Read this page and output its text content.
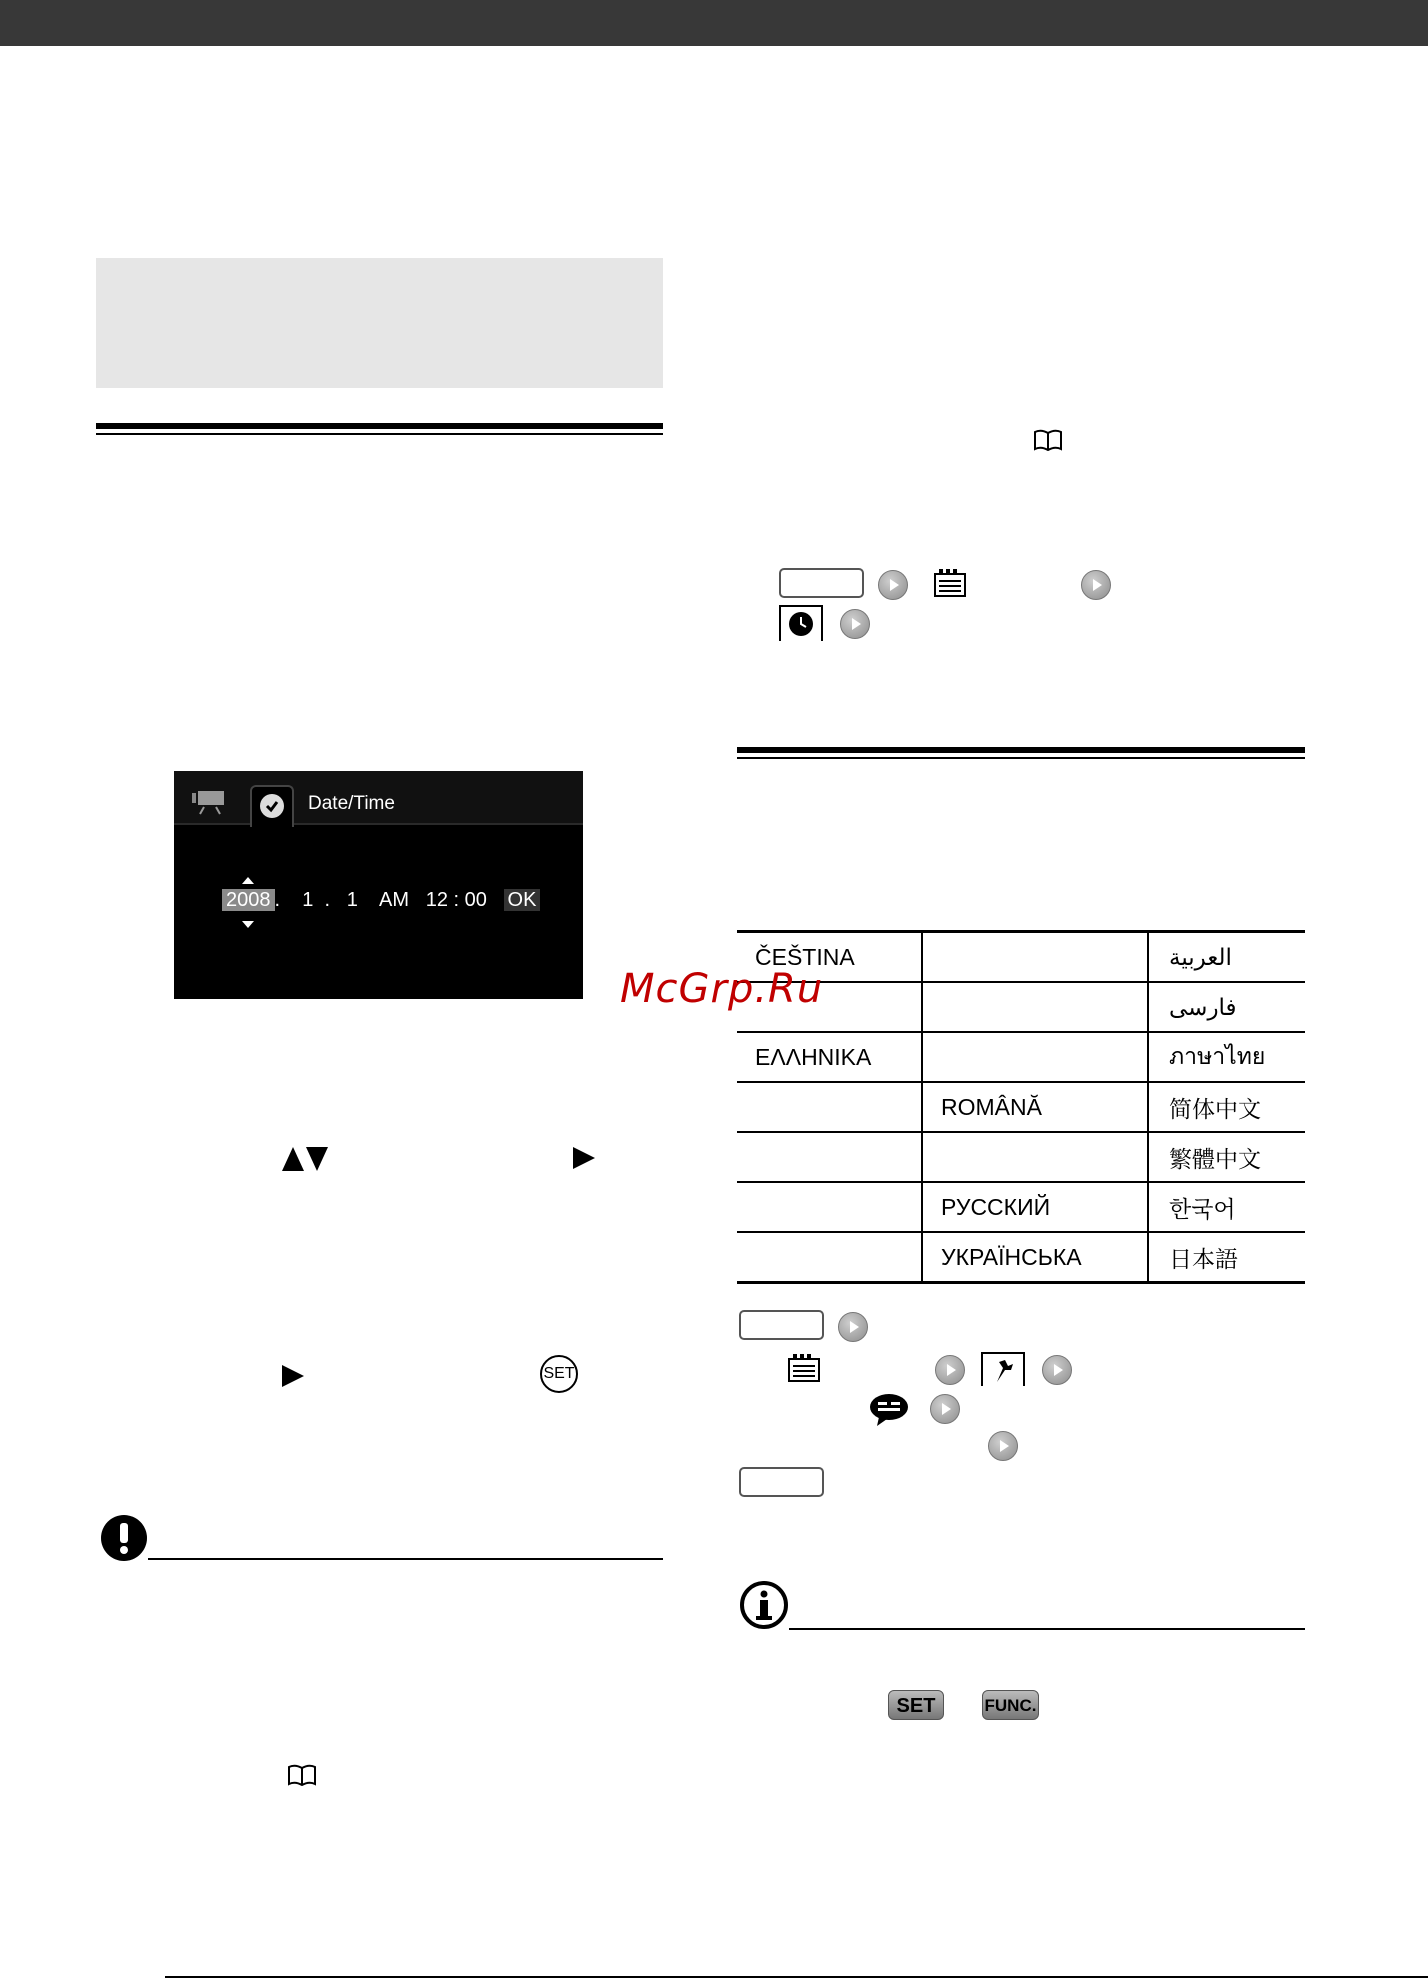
Date/Time
2008 . 1 . 1 AM 12 : 00 OK
SET
ČEŠTINA		العربية
		فارسی
ΕΛΛΗΝΙΚΑ		ภาษาไทย
	ROMÂNĂ	简体中文
		繁體中文
	РУССКИЙ	한국어
	УКРАЇНСЬКА	日本語
McGrp.Ru
SET	FUNC.
